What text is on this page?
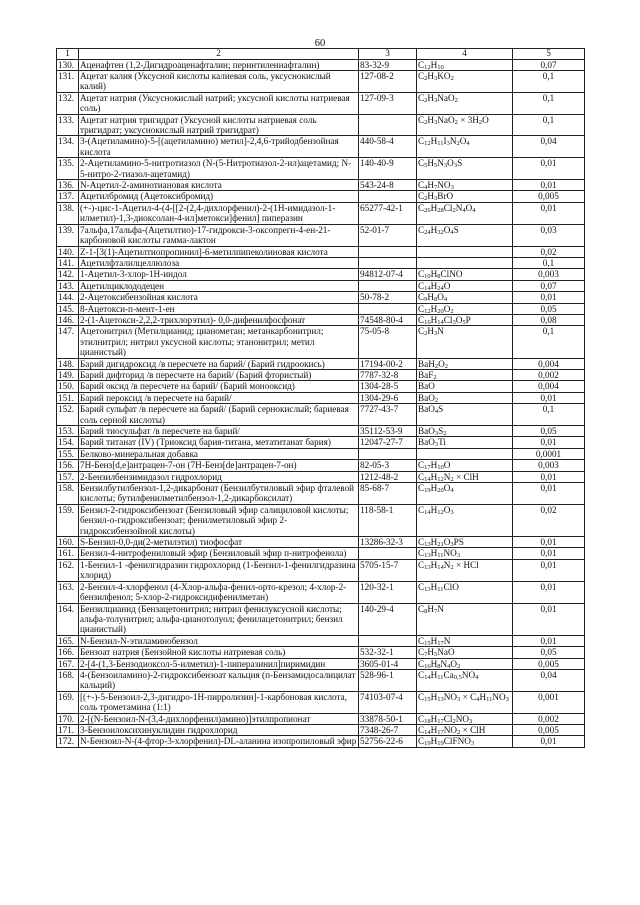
60
1	2	3	4	5
130.	Аценафтен (1,2-Дигидроаценафталин; перинтиленнафталин)	83-32-9	$C_{12}H_{10}$	0,07
131.	Ацетат калия (Уксусной кислоты калиевая соль, уксуснокислый калий)	127-08-2	$C_2H_3KO_2$	0,1
132.	Ацетат натрия (Уксуснокислый натрий; уксусной кислоты натриевая соль)	127-09-3	$C_2H_3NaO_2$	0,1
133.	Ацетат натрия тригидрат (Уксусной кислоты натриевая соль тригидрат; уксуснокислый натрий тригидрат)		$C_2H_3NaO_2 \times 3H_2O$	0,1
134.	3-(Ацетиламино)-5-[(ацетиламино) метил]-2,4,6-трийодбензойная кислота	440-58-4	$C_{12}H_{11}I_3N_2O_4$	0,04
135.	2-Ацетиламино-5-нитротиазол (N-(5-Нитротиазол-2-ил)ацетамид; N-5-нитро-2-тиазол-ацетамид)	140-40-9	$C_5H_5N_3O_3S$	0,01
136.	N-Ацетил-2-аминотиановая кислота	543-24-8	$C_4H_7NO_3$	0,01
137.	Ацетилбромид (Ацетоксибромид)		$C_2H_3BrO$	0,005
138.	(+-)-цис-1-Ацетил-4-(4-[[2-(2,4-дихлорфенил)-2-(1Н-имидазол-1-илметил)-1,3-диоксолан-4-ил]метокси]фенил] пиперазин	65277-42-1	$C_{26}H_{28}Cl_2N_4O_4$	0,01
139.	7альфа,17альфа-(Ацетилтио)-17-гидрокси-3-оксопрегн-4-ен-21-карбоновой кислоты гамма-лактон	52-01-7	$C_{24}H_{32}O_4S$	0,03
140.	Z-1-[3(1)-Ацетилтиопропинил]-6-метилпипеколиновая кислота			0,02
141.	Ацетилфталилцеллюлоза			0,1
142.	1-Ацетил-3-хлор-1Н-индол	94812-07-4	$C_{10}H_8ClNO$	0,003
143.	Ацетилциклододецен		$C_{14}H_{24}O$	0,07
144.	2-Ацетоксибензойная кислота	50-78-2	$C_9H_8O_4$	0,01
145.	8-Ацетокси-п-мент-1-ен		$C_{12}H_{20}O_2$	0,05
146.	2-(1-Ацетокси-2,2,2-трихлорэтил)- 0,0-дифенилфосфонат	74548-80-4	$C_{16}H_{14}Cl_3O_5P$	0,08
147.	Ацетонитрил (Метилцианид; цианометан; метанкарбонитрил; этилнитрил; нитрил уксусной кислоты; этанонитрил; метил цианистый)	75-05-8	$C_2H_3N$	0,1
148.	Барий дигидроксид /в пересчете на барий/ (Барий гидроокись)	17194-00-2	$BaH_2O_2$	0,004
149.	Барий дифторид /в пересчете на барий/ (Барий фтористый)	7787-32-8	BaF$_2$	0,002
150.	Барий оксид /в пересчете на барий/ (Барий монооксид)	1304-28-5	BaO	0,004
151.	Барий пероксид /в пересчете на барий/	1304-29-6	BaO$_2$	0,01
152.	Барий сульфат /в пересчете на барий/ (Барий сернокислый; бариевая соль серной кислоты)	7727-43-7	BaO$_4$S	0,1
153.	Барий тиосульфат /в пересчете на барий/	35112-53-9	$BaO_3S_2$	0,05
154.	Барий титанат (IV) (Триоксид бария-титана, метатитанат бария)	12047-27-7	BaO$_3$Ti	0,01
155.	Белково-минеральная добавка			0,0001
156.	7Н-Бенз[d,e]антрацен-7-он (7Н-Бенз[de]антрацен-7-он)	82-05-3	$C_{17}H_{10}O$	0,003
157.	2-Бензилбензимидазол гидрохлорид	1212-48-2	$C_{14}H_{12}N_2$ × ClH	0,01
158.	Бензилбутилбензол-1,2-дикарбонат (Бензилбутиловый эфир фталевой кислоты; бутилфенилметилбензол-1,2-дикарбоксилат)	85-68-7	$C_{19}H_{20}O_4$	0,01
159.	Бензил-2-гидроксибензоат (Бензиловый эфир салициловой кислоты; бензил-о-гидроксибензоат; фенилметиловый эфир 2-гидроксибензойной кислоты)	118-58-1	$C_{14}H_{12}O_3$	0,02
160.	S-Бензил-0,0-ди(2-метилэтил) тиофосфат	13286-32-3	$C_{13}H_{21}O_3PS$	0,01
161.	Бензил-4-нитрофениловый эфир (Бензиловый эфир п-нитрофенола)		$C_{13}H_{11}NO_3$	0,01
162.	1-Бензил-1 -фенилгидразин гидрохлорид (1-Бензил-1-фенилгидразина хлорид)	5705-15-7	$C_{13}H_{14}N_2$ × HCl	0,01
163.	2-Бензил-4-хлорфенол (4-Хлор-альфа-фенил-орто-крезол; 4-хлор-2-бензилфенол; 5-хлор-2-гидроксидифенилметан)	120-32-1	$C_{13}H_{11}ClO$	0,01
164.	Бензилцианид (Бензацетонитрил; нитрил фенилуксусной кислоты; альфа-толунитрил; альфа-цианотолуол; фенилацетонитрил; бензил цианистый)	140-29-4	$C_8H_7N$	0,01
165.	N-Бензил-N-этиламинобензол		$C_{15}H_{17}N$	0,01
166.	Бензоат натрия (Бензойной кислоты натриевая соль)	532-32-1	$C_7H_5NaO$	0,05
167.	2-[4-(1,3-Бензодиоксол-5-илметил)-1-пиперазинил]пиримидин	3605-01-4	$C_{16}H_8N_4O_2$	0,005
168.	4-(Бензоиламино)-2-гидроксибензоат кальция (п-Бензамидосалицилат кальций)	528-96-1	$C_{14}H_{11}Ca_{0,5}NO_4$	0,04
169.	[(+-)-5-Бензоил-2,3-дигидро-1Н-пирролизин]-1-карбоновая кислота, соль трометамина (1:1)	74103-07-4	$C_{15}H_{13}NO_3 \times C_4H_{11}NO_3$	0,001
170.	2-[(N-Бензоил-N-(3,4-дихлорфенил)амино)]этилпропионат	33878-50-1	$C_{18}H_{17}Cl_2NO_3$	0,002
171.	3-Бензоилоксихинуклидин гидрохлорид	7348-26-7	$C_{14}H_{17}NO_2$ × ClH	0,005
172.	N-Бензоил-N-(4-фтор-3-хлорфенил)-DL-аланина изопропиловый эфир	52756-22-6	$C_{19}H_{19}ClFNO_3$	0,01
